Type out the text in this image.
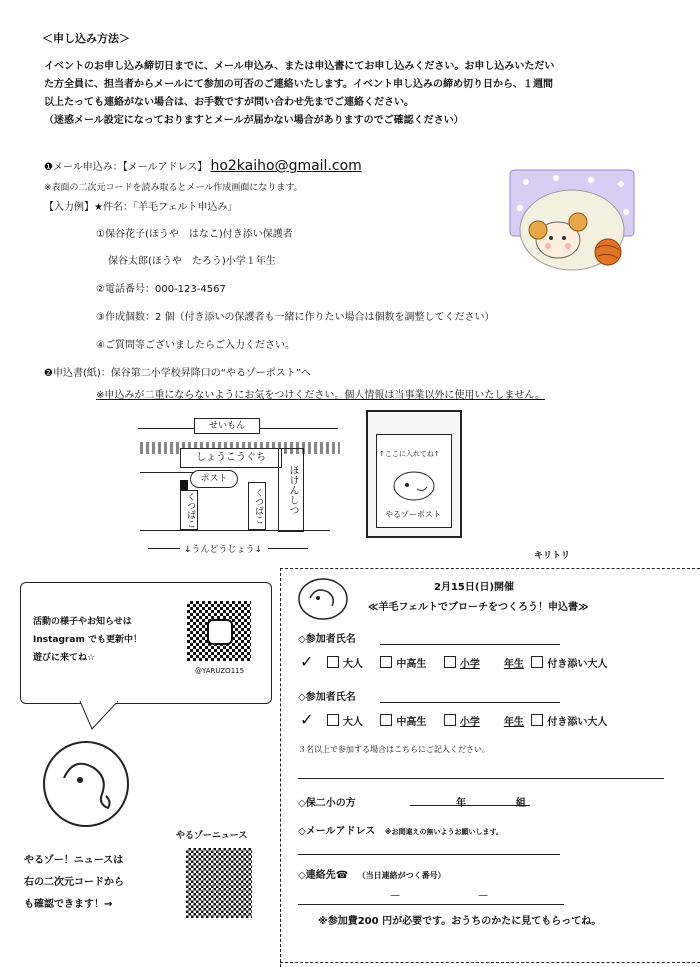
＜申し込み方法＞
イベントのお申し込み締切日までに、メール申込み、または申込書にてお申し込みください。お申し込みいただい
た方全員に、担当者からメールにて参加の可否のご連絡いたします。イベント申し込みの締め切り日から、１週間
以上たっても連絡がない場合は、お手数ですが問い合わせ先までご連絡ください。
（迷惑メール設定になっておりますとメールが届かない場合がありますのでご確認ください）
❶メール申込み：【メールアドレス】 ho2kaiho@gmail.com
※表面の二次元コードを読み取るとメール作成画面になります。
【入力例】★件名：「羊毛フェルト申込み」
①保谷花子(ほうや　はなこ)付き添い保護者
保谷太郎(ほうや　たろう)小学１年生
②電話番号：000-123-4567
③作成個数：2 個（付き添いの保護者も一緒に作りたい場合は個数を調整してください）
④ご質問等ございましたらご入力ください。
❷申込書(紙)：保谷第二小学校昇降口の“やるゾーポスト”へ
※申込みが二重にならないようにお気をつけください。個人情報は当事業以外に使用いたしません。
せいもん
しょうこうぐち
ポスト
くつばこ	くつばこ	ほけんしつ
↓うんどうじょう↓
↑ここに入れてね↑
やるゾーポスト
キリトリ
活動の様子やお知らせは
Instagram でも更新中！
遊びに来てね☆
@YARUZO115
やるゾーニュース
やるゾー！ニュースは
右の二次元コードから
も確認できます！→
2月15日(日)開催
≪羊毛フェルトでブローチをつくろう！申込書≫
◇参加者氏名
✓	大人	中高生	小学 年生 付き添い大人
◇参加者氏名
✓	大人	中高生	小学 年生 付き添い大人
３名以上で参加する場合はこちらにご記入ください。
◇保二小の方	年	組

◇メールアドレス ※お間違えの無いようお願いします。
◇連絡先☎ （当日連絡がつく番号）
—	—
※参加費200 円が必要です。おうちのかたに見てもらってね。
